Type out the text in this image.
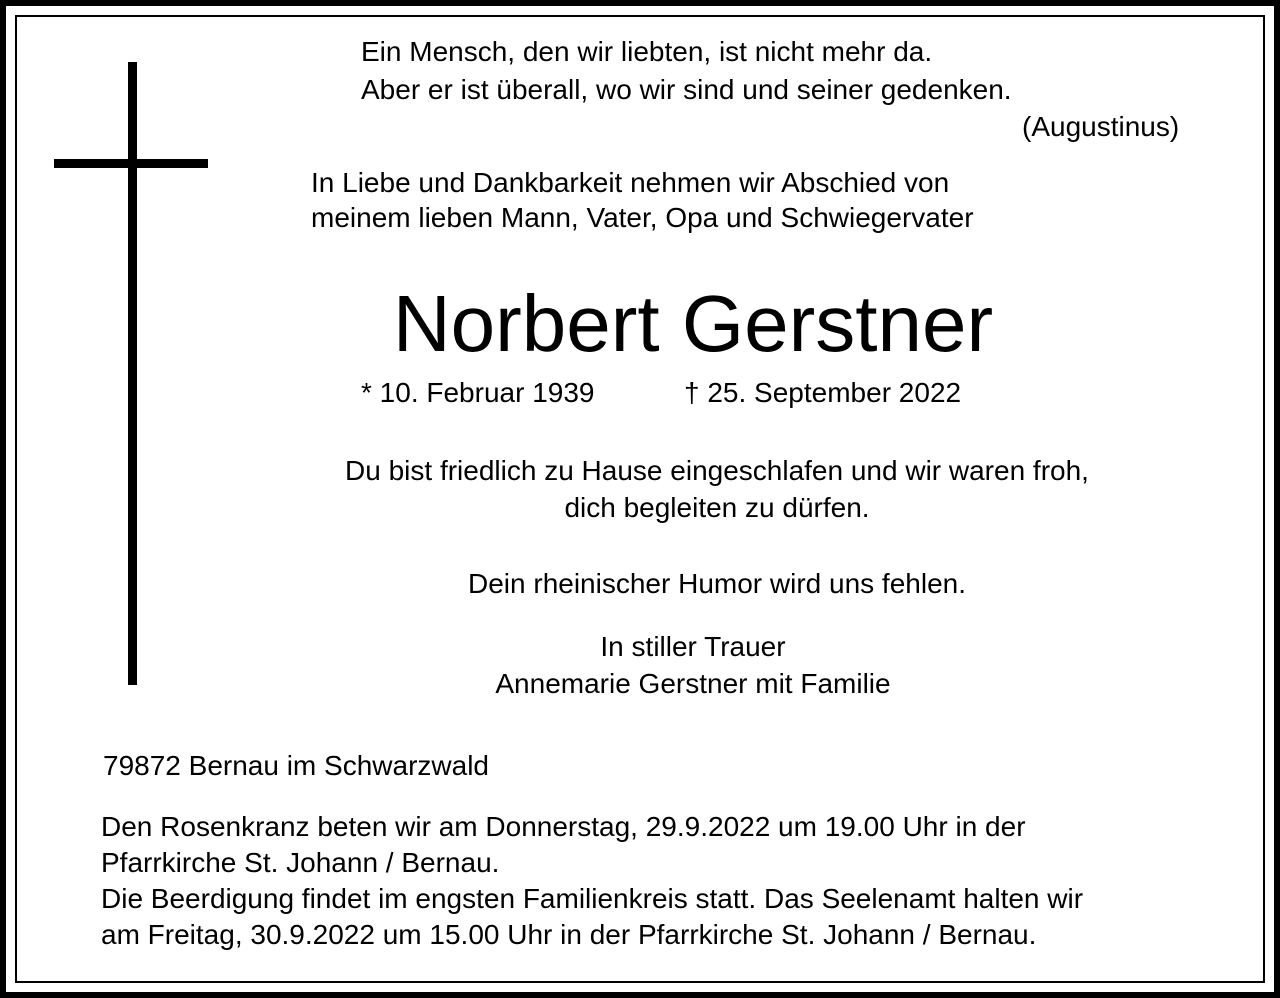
Ein Mensch, den wir liebten, ist nicht mehr da.
Aber er ist überall, wo wir sind und seiner gedenken.
(Augustinus)
In Liebe und Dankbarkeit nehmen wir Abschied von
meinem lieben Mann, Vater, Opa und Schwiegervater
Norbert Gerstner
* 10. Februar 1939	† 25. September 2022
Du bist friedlich zu Hause eingeschlafen und wir waren froh,
dich begleiten zu dürfen.
Dein rheinischer Humor wird uns fehlen.
In stiller Trauer
Annemarie Gerstner mit Familie
79872 Bernau im Schwarzwald
Den Rosenkranz beten wir am Donnerstag, 29.9.2022 um 19.00 Uhr in der
Pfarrkirche St. Johann / Bernau.
Die Beerdigung findet im engsten Familienkreis statt. Das Seelenamt halten wir
am Freitag, 30.9.2022 um 15.00 Uhr in der Pfarrkirche St. Johann / Bernau.
